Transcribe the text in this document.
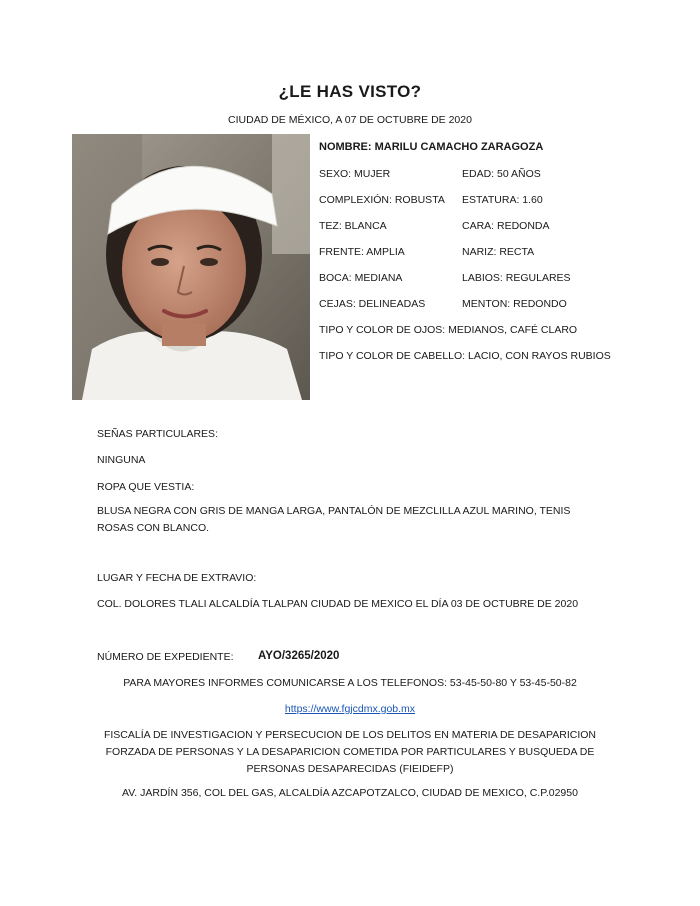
¿LE HAS VISTO?
CIUDAD DE MÉXICO, A 07 DE OCTUBRE DE 2020
NOMBRE: MARILU CAMACHO ZARAGOZA
SEXO: MUJER	EDAD: 50 AÑOS
COMPLEXIÓN: ROBUSTA ESTATURA: 1.60
TEZ: BLANCA	CARA: REDONDA
FRENTE: AMPLIA	NARIZ: RECTA
BOCA: MEDIANA	LABIOS: REGULARES
CEJAS: DELINEADAS	MENTON: REDONDO
TIPO Y COLOR DE OJOS: MEDIANOS, CAFÉ CLARO
TIPO Y COLOR DE CABELLO: LACIO, CON RAYOS RUBIOS
SEÑAS PARTICULARES:
NINGUNA
ROPA QUE VESTIA:
BLUSA NEGRA CON GRIS DE MANGA LARGA, PANTALÓN DE MEZCLILLA AZUL MARINO, TENIS ROSAS CON BLANCO.
LUGAR Y FECHA DE EXTRAVIO:
COL. DOLORES TLALI ALCALDÍA TLALPAN CIUDAD DE MEXICO EL DÍA 03 DE OCTUBRE DE 2020
NÚMERO DE EXPEDIENTE: AYO/3265/2020
PARA MAYORES INFORMES COMUNICARSE A LOS TELEFONOS: 53-45-50-80 Y 53-45-50-82
https://www.fgjcdmx.gob.mx
FISCALÍA DE INVESTIGACION Y PERSECUCION DE LOS DELITOS EN MATERIA DE DESAPARICION
FORZADA DE PERSONAS Y LA DESAPARICION COMETIDA POR PARTICULARES Y BUSQUEDA DE
PERSONAS DESAPARECIDAS (FIEIDEFP)
AV. JARDÍN 356, COL DEL GAS, ALCALDÍA AZCAPOTZALCO, CIUDAD DE MEXICO, C.P.02950
